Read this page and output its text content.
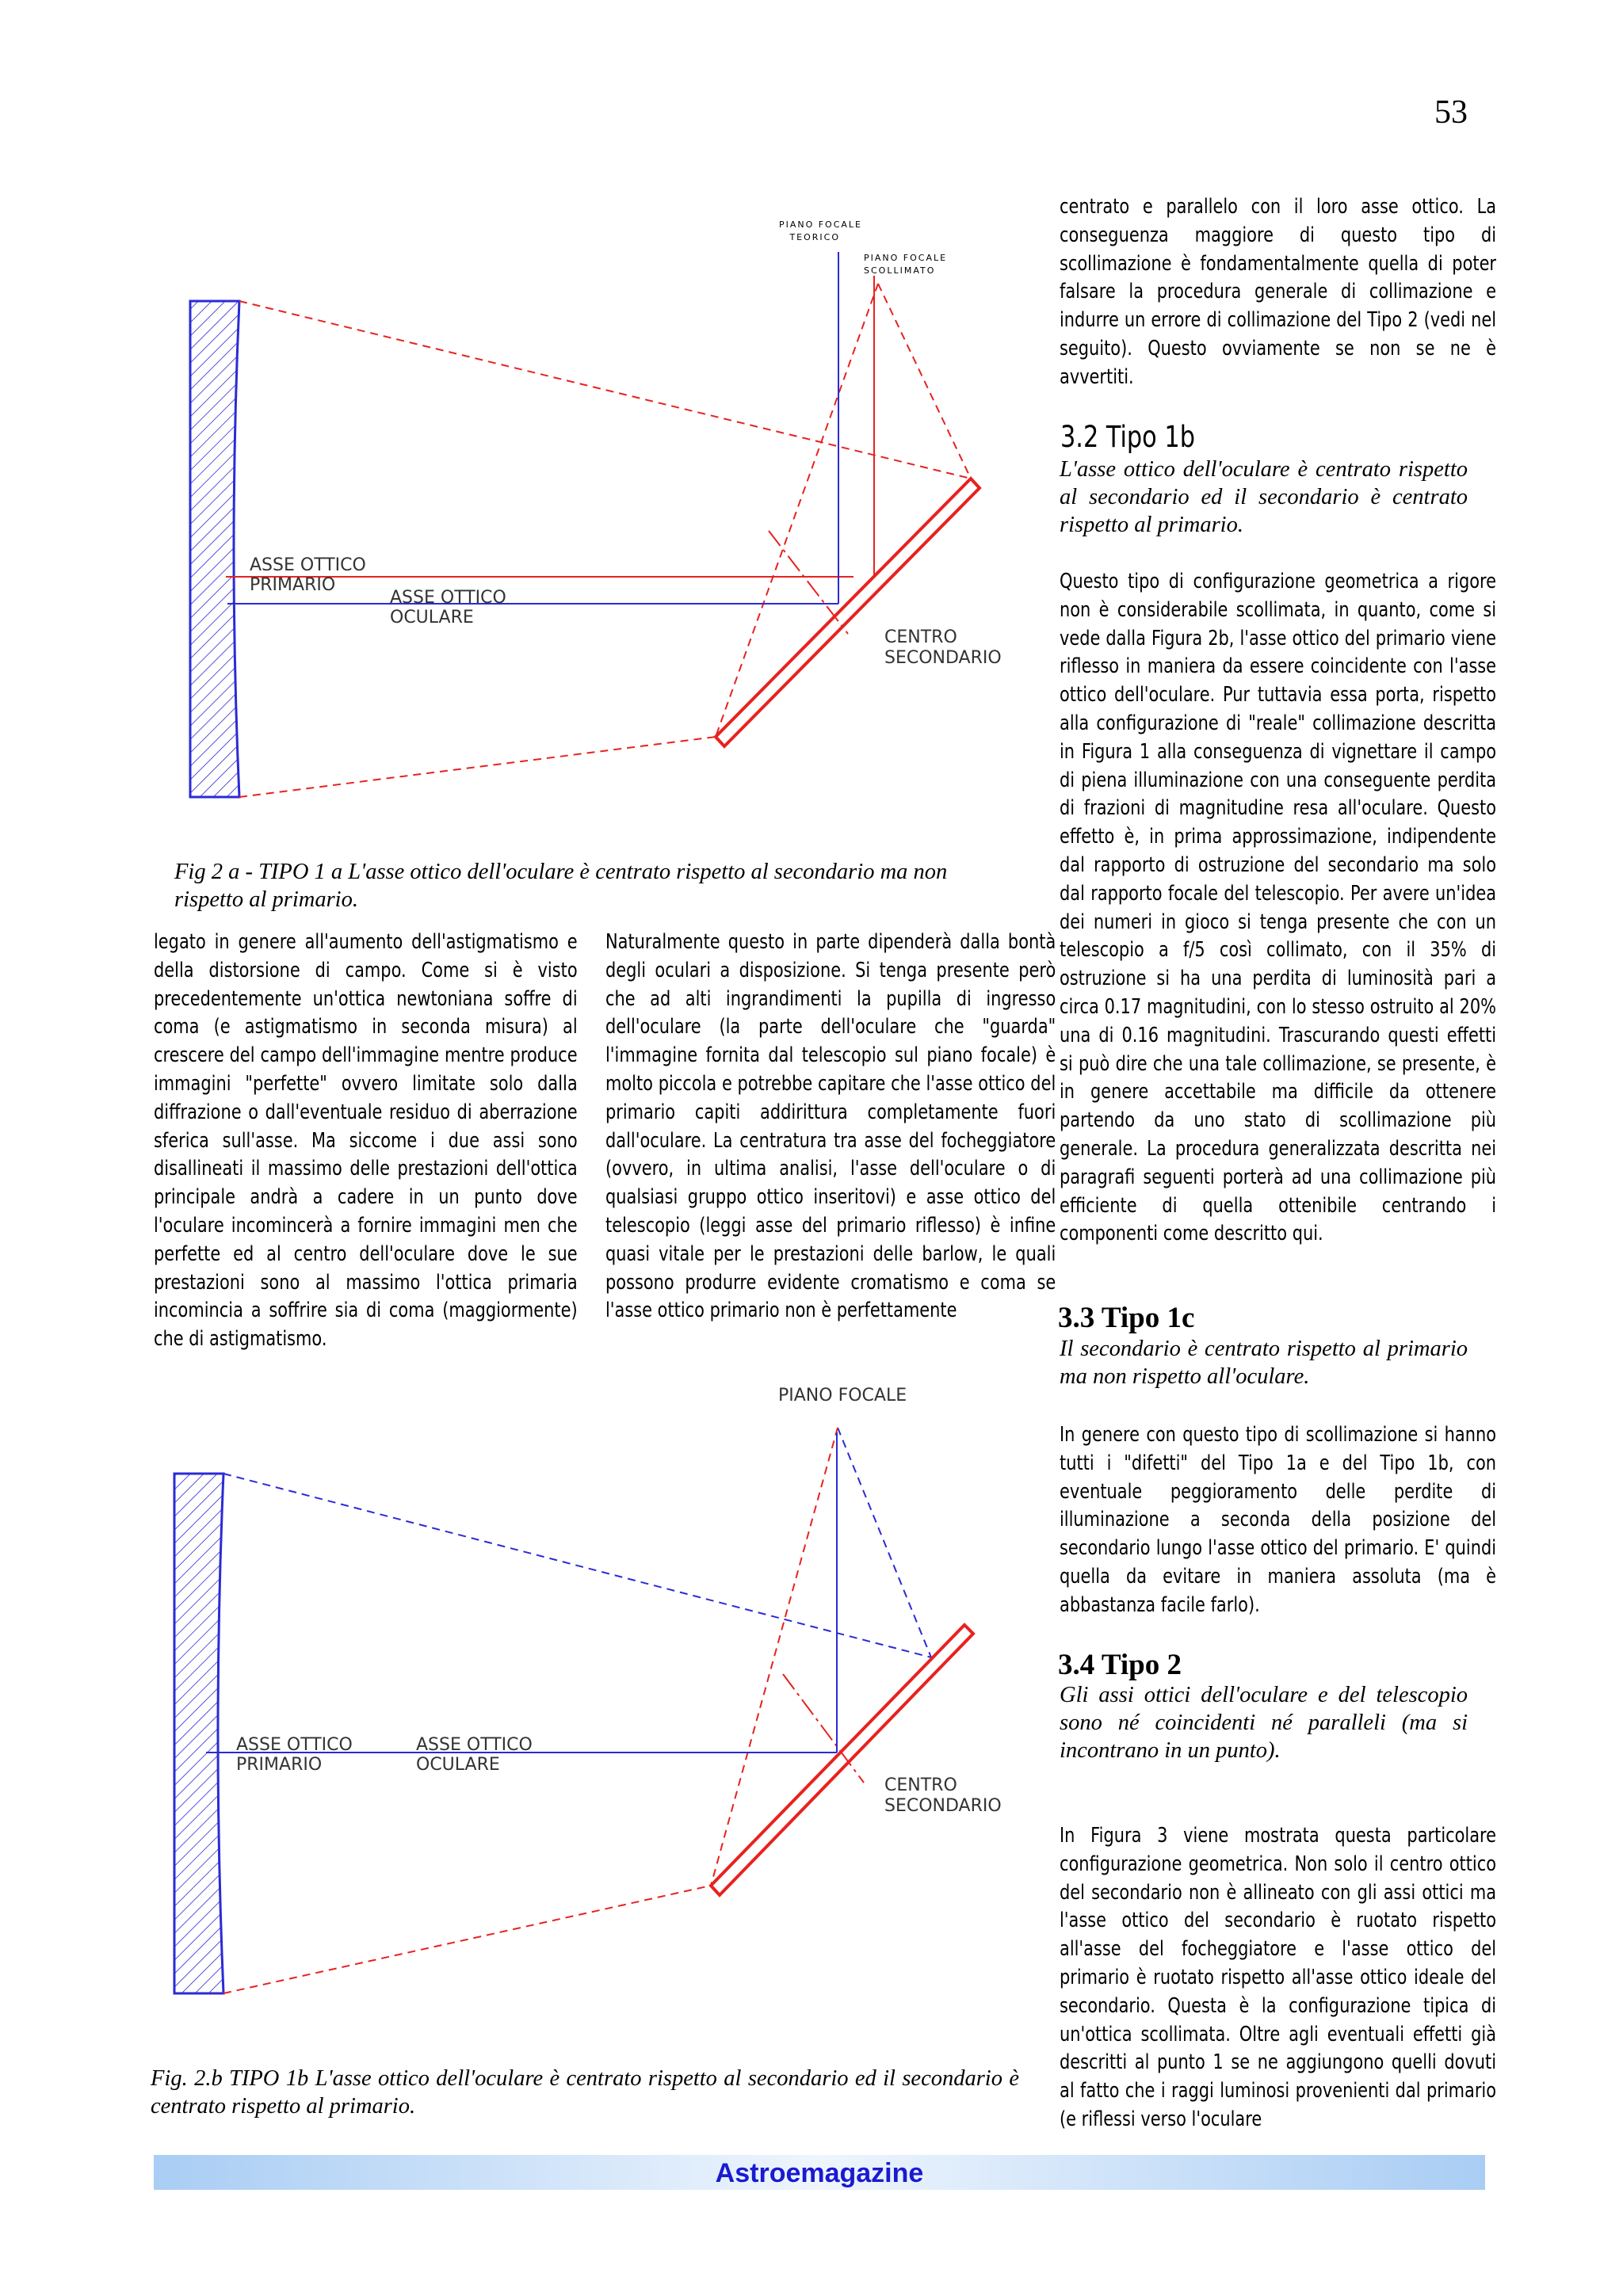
53
PIANO FOCALE
TEORICO
PIANO FOCALE
SCOLLIMATO
ASSE OTTICO
PRIMARIO
ASSE OTTICO
OCULARE
CENTRO
SECONDARIO
Fig 2 a - TIPO 1 a L'asse ottico dell'oculare è centrato rispetto al secondario ma non rispetto al primario.
legato in genere all'aumento dell'astigmatismo e della distorsione di campo. Come si è visto precedentemente un'ottica newtoniana soffre di coma (e astigmatismo in seconda misura) al crescere del campo dell'immagine mentre produce immagini "perfette" ovvero limitate solo dalla diffrazione o dall'eventuale residuo di aberrazione sferica sull'asse. Ma siccome i due assi sono disallineati il massimo delle prestazioni dell'ottica principale andrà a cadere in un punto dove l'oculare incomincerà a fornire immagini men che perfette ed al centro dell'oculare dove le sue prestazioni sono al massimo l'ottica primaria incomincia a soffrire sia di coma (maggiormente) che di astigmatismo.
Naturalmente questo in parte dipenderà dalla bontà degli oculari a disposizione. Si tenga presente però che ad alti ingrandimenti la pupilla di ingresso dell'oculare (la parte dell'oculare che "guarda" l'immagine fornita dal telescopio sul piano focale) è molto piccola e potrebbe capitare che l'asse ottico del primario capiti addirittura completamente fuori dall'oculare. La centratura tra asse del focheggiatore (ovvero, in ultima analisi, l'asse dell'oculare o di qualsiasi gruppo ottico inseritovi) e asse ottico del telescopio (leggi asse del primario riflesso) è infine quasi vitale per le prestazioni delle barlow, le quali possono produrre evidente cromatismo e coma se l'asse ottico primario non è perfettamente
PIANO FOCALE
ASSE OTTICO
PRIMARIO
ASSE OTTICO
OCULARE
CENTRO
SECONDARIO
Fig. 2.b TIPO 1b L'asse ottico dell'oculare è centrato rispetto al secondario ed il secondario è centrato rispetto al primario.
centrato e parallelo con il loro asse ottico. La conseguenza maggiore di questo tipo di scollimazione è fondamentalmente quella di poter falsare la procedura generale di collimazione e indurre un errore di collimazione del Tipo 2 (vedi nel seguito). Questo ovviamente se non se ne è avvertiti.
3.2 Tipo 1b
L'asse ottico dell'oculare è centrato rispetto al secondario ed il secondario è centrato rispetto al primario.
Questo tipo di configurazione geometrica a rigore non è considerabile scollimata, in quanto, come si vede dalla Figura 2b, l'asse ottico del primario viene riflesso in maniera da essere coincidente con l'asse ottico dell'oculare. Pur tuttavia essa porta, rispetto alla configurazione di "reale" collimazione descritta in Figura 1 alla conseguenza di vignettare il campo di piena illuminazione con una conseguente perdita di frazioni di magnitudine resa all'oculare. Questo effetto è, in prima approssimazione, indipendente dal rapporto di ostruzione del secondario ma solo dal rapporto focale del telescopio. Per avere un'idea dei numeri in gioco si tenga presente che con un telescopio a f/5 così collimato, con il 35% di ostruzione si ha una perdita di luminosità pari a circa 0.17 magnitudini, con lo stesso ostruito al 20% una di 0.16 magnitudini. Trascurando questi effetti si può dire che una tale collimazione, se presente, è in genere accettabile ma difficile da ottenere partendo da uno stato di scollimazione più generale. La procedura generalizzata descritta nei paragrafi seguenti porterà ad una collimazione più efficiente di quella ottenibile centrando i componenti come descritto qui.
3.3 Tipo 1c
Il secondario è centrato rispetto al primario ma non rispetto all'oculare.
In genere con questo tipo di scollimazione si hanno tutti i "difetti" del Tipo 1a e del Tipo 1b, con eventuale peggioramento delle perdite di illuminazione a seconda della posizione del secondario lungo l'asse ottico del primario. E' quindi quella da evitare in maniera assoluta (ma è abbastanza facile farlo).
3.4 Tipo 2
Gli assi ottici dell'oculare e del telescopio sono né coincidenti né paralleli (ma si incontrano in un punto).
In Figura 3 viene mostrata questa particolare configurazione geometrica. Non solo il centro ottico del secondario non è allineato con gli assi ottici ma l'asse ottico del secondario è ruotato rispetto all'asse del focheggiatore e l'asse ottico del primario è ruotato rispetto all'asse ottico ideale del secondario. Questa è la configurazione tipica di un'ottica scollimata. Oltre agli eventuali effetti già descritti al punto 1 se ne aggiungono quelli dovuti al fatto che i raggi luminosi provenienti dal primario (e riflessi verso l'oculare
Astroemagazine
